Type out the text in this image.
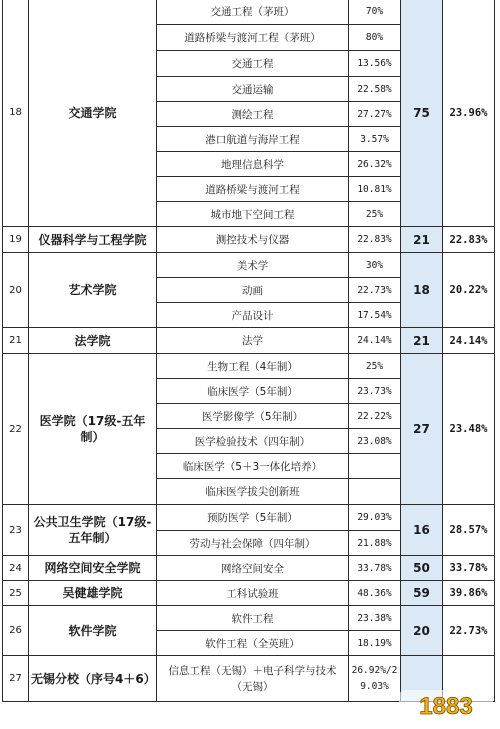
18	交通学院	交通工程（茅班）	70%	75	23.96%
		道路桥梁与渡河工程（茅班）	80%		
		交通工程	13.56%		
		交通运输	22.58%		
		测绘工程	27.27%		
		港口航道与海岸工程	3.57%		
		地理信息科学	26.32%		
		道路桥梁与渡河工程	10.81%		
		城市地下空间工程	25%		
19	仪器科学与工程学院	测控技术与仪器	22.83%	21	22.83%
20	艺术学院	美术学	30%	18	20.22%
		动画	22.73%		
		产品设计	17.54%		
21	法学院	法学	24.14%	21	24.14%
22	医学院（17级-五年制）	生物工程（4年制）	25%	27	23.48%
		临床医学（5年制）	23.73%		
		医学影像学（5年制）	22.22%		
		医学检验技术（四年制）	23.08%		
		临床医学（5＋3一体化培养）			
		临床医学拔尖创新班			
23	公共卫生学院（17级-五年制）	预防医学（5年制）	29.03%	16	28.57%
		劳动与社会保障（四年制）	21.88%		
24	网络空间安全学院	网络空间安全	33.78%	50	33.78%
25	吴健雄学院	工科试验班	48.36%	59	39.86%
26	软件学院	软件工程	23.38%	20	22.73%
		软件工程（全英班）	18.19%		
27	无锡分校（序号4＋6）	信息工程（无锡）＋电子科学与技术（无锡）	26.92%/2
9.03%		

1883
